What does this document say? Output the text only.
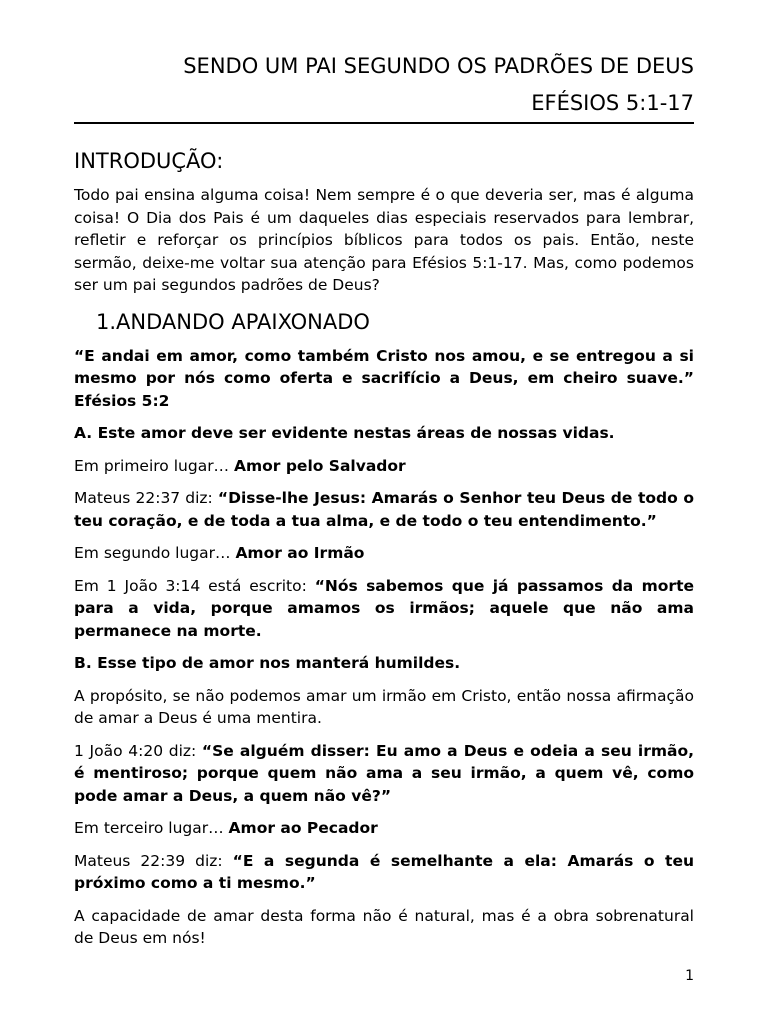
SENDO UM PAI SEGUNDO OS PADRÕES DE DEUS
EFÉSIOS 5:1-17
INTRODUÇÃO:

Todo pai ensina alguma coisa! Nem sempre é o que deveria ser, mas é alguma coisa! O Dia dos Pais é um daqueles dias especiais reservados para lembrar, refletir e reforçar os princípios bíblicos para todos os pais. Então, neste sermão, deixe-me voltar sua atenção para Efésios 5:1-17. Mas, como podemos ser um pai segundos padrões de Deus?

1.ANDANDO APAIXONADO

“E andai em amor, como também Cristo nos amou, e se entregou a si mesmo por nós como oferta e sacrifício a Deus, em cheiro suave.” Efésios 5:2

A. Este amor deve ser evidente nestas áreas de nossas vidas.

Em primeiro lugar… Amor pelo Salvador

Mateus 22:37 diz: “Disse-lhe Jesus: Amarás o Senhor teu Deus de todo o teu coração, e de toda a tua alma, e de todo o teu entendimento.”

Em segundo lugar… Amor ao Irmão

Em 1 João 3:14 está escrito: “Nós sabemos que já passamos da morte para a vida, porque amamos os irmãos; aquele que não ama permanece na morte.

B. Esse tipo de amor nos manterá humildes.

A propósito, se não podemos amar um irmão em Cristo, então nossa afirmação de amar a Deus é uma mentira.

1 João 4:20 diz: “Se alguém disser: Eu amo a Deus e odeia a seu irmão, é mentiroso; porque quem não ama a seu irmão, a quem vê, como pode amar a Deus, a quem não vê?”

Em terceiro lugar… Amor ao Pecador

Mateus 22:39 diz: “E a segunda é semelhante a ela: Amarás o teu próximo como a ti mesmo.”

A capacidade de amar desta forma não é natural, mas é a obra sobrenatural de Deus em nós!

1
